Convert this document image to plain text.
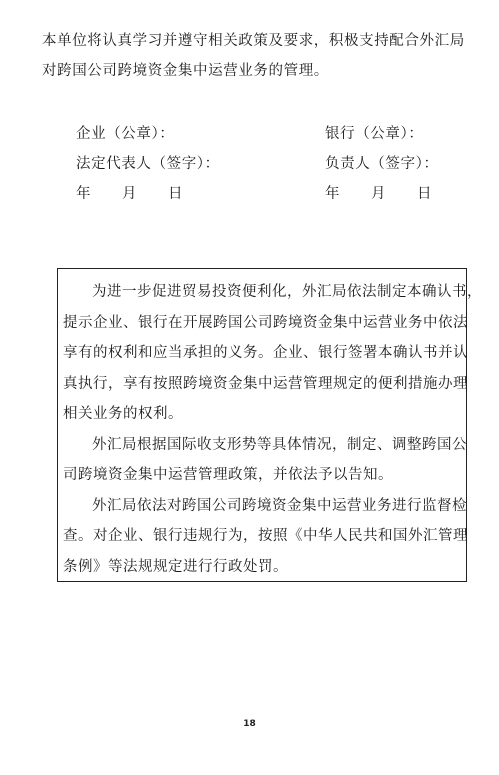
本单位将认真学习并遵守相关政策及要求，积极支持配合外汇局
对跨国公司跨境资金集中运营业务的管理。
企业（公章）：
法定代表人（签字）：
年 月 日
银行（公章）：
负责人（签字）：
年 月 日
为进一步促进贸易投资便利化，外汇局依法制定本确认书，
提示企业、银行在开展跨国公司跨境资金集中运营业务中依法
享有的权利和应当承担的义务。企业、银行签署本确认书并认
真执行，享有按照跨境资金集中运营管理规定的便利措施办理
相关业务的权利。
外汇局根据国际收支形势等具体情况，制定、调整跨国公
司跨境资金集中运营管理政策，并依法予以告知。
外汇局依法对跨国公司跨境资金集中运营业务进行监督检
查。对企业、银行违规行为，按照《中华人民共和国外汇管理
条例》等法规规定进行行政处罚。
18
